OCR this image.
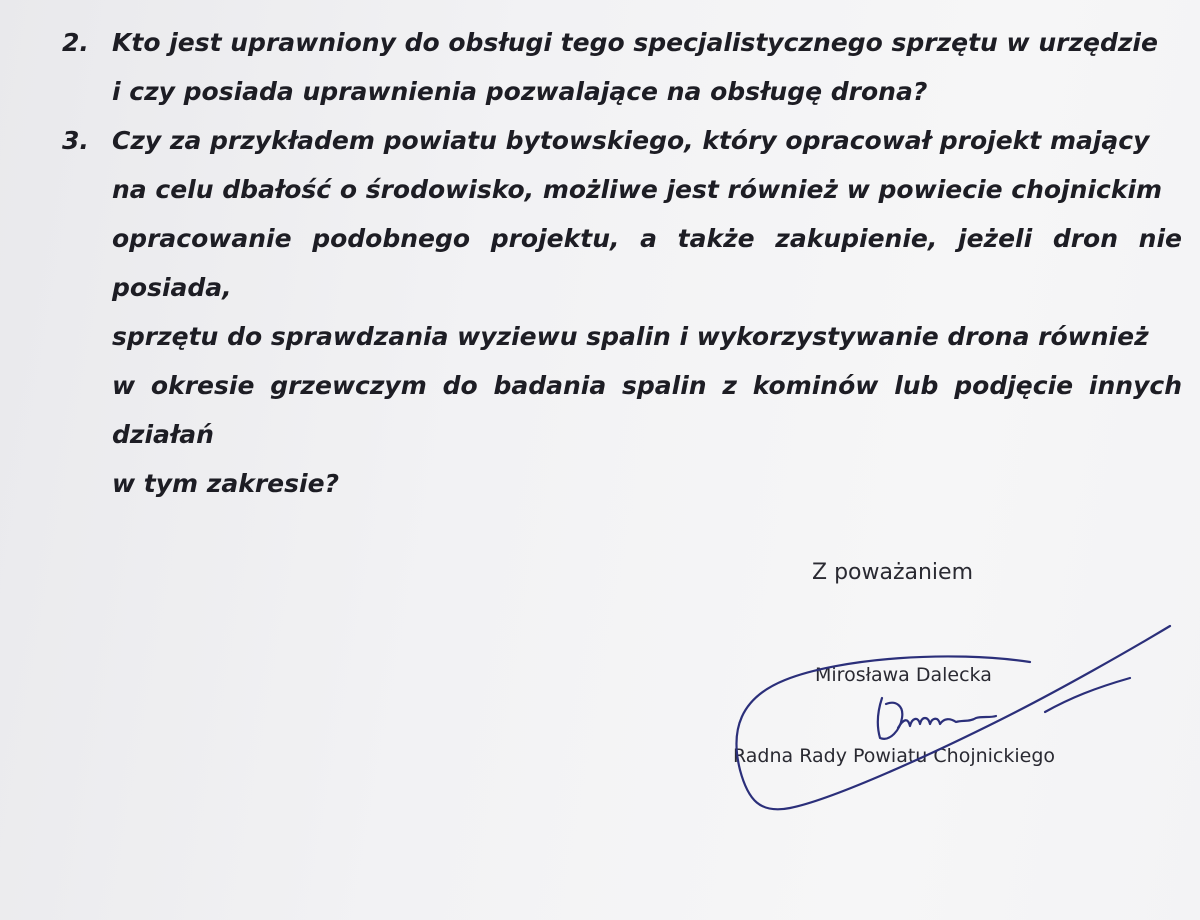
2. Kto jest uprawniony do obsługi tego specjalistycznego sprzętu w urzędzie
i czy posiada uprawnienia pozwalające na obsługę drona?
3. Czy za przykładem powiatu bytowskiego, który opracował projekt mający
na celu dbałość o środowisko, możliwe jest również w powiecie chojnickim
opracowanie podobnego projektu, a także zakupienie, jeżeli dron nie posiada,
sprzętu do sprawdzania wyziewu spalin i wykorzystywanie drona również
w okresie grzewczym do badania spalin z kominów lub podjęcie innych działań
w tym zakresie?

Z poważaniem

Mirosława Dalecka

Radna Rady Powiatu Chojnickiego
